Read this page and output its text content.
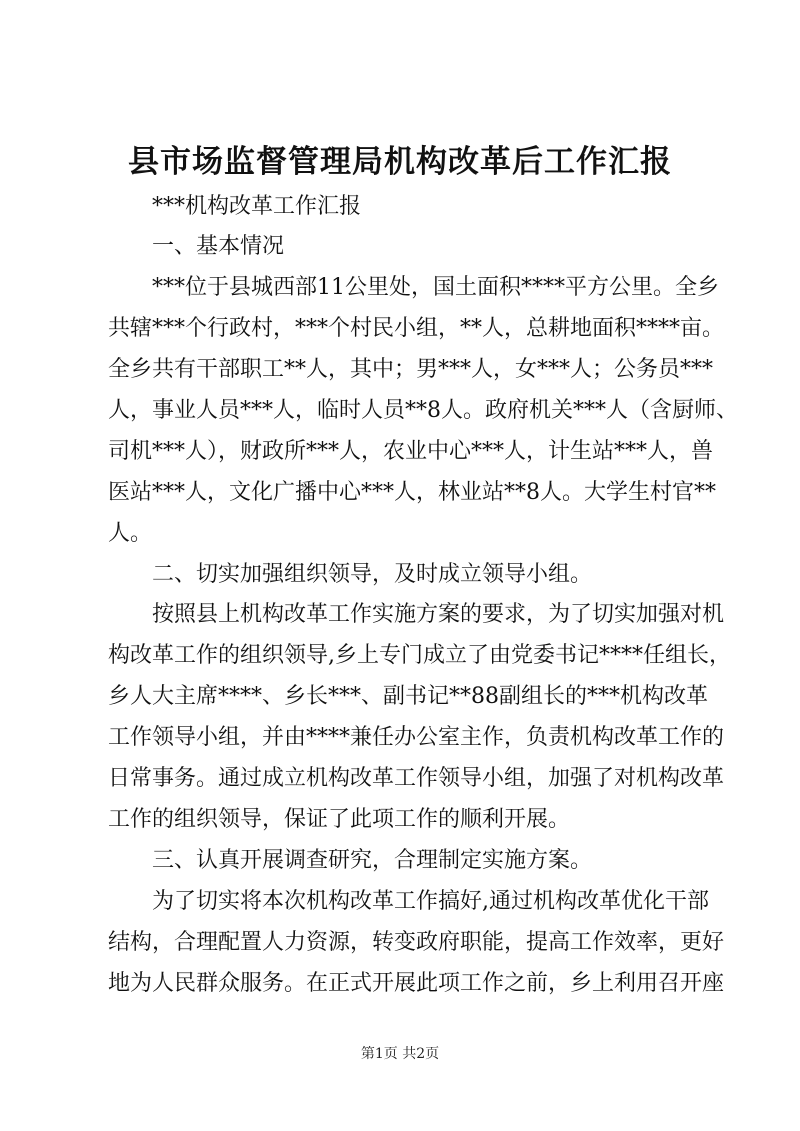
县市场监督管理局机构改革后工作汇报
***机构改革工作汇报
一、基本情况
***位于县城西部11公里处，国土面积****平方公里。全乡
共辖***个行政村，***个村民小组，**人，总耕地面积****亩。
全乡共有干部职工**人，其中；男***人，女***人；公务员***
人，事业人员***人，临时人员**8人。政府机关***人（含厨师、
司机***人），财政所***人，农业中心***人，计生站***人，兽
医站***人，文化广播中心***人，林业站**8人。大学生村官**
人。
二、切实加强组织领导，及时成立领导小组。
按照县上机构改革工作实施方案的要求，为了切实加强对机
构改革工作的组织领导,乡上专门成立了由党委书记****任组长，
乡人大主席****、乡长***、副书记**88副组长的***机构改革
工作领导小组，并由****兼任办公室主作，负责机构改革工作的
日常事务。通过成立机构改革工作领导小组，加强了对机构改革
工作的组织领导，保证了此项工作的顺利开展。
三、认真开展调查研究，合理制定实施方案。
为了切实将本次机构改革工作搞好,通过机构改革优化干部
结构，合理配置人力资源，转变政府职能，提高工作效率，更好
地为人民群众服务。在正式开展此项工作之前，乡上利用召开座
第1页 共2页
